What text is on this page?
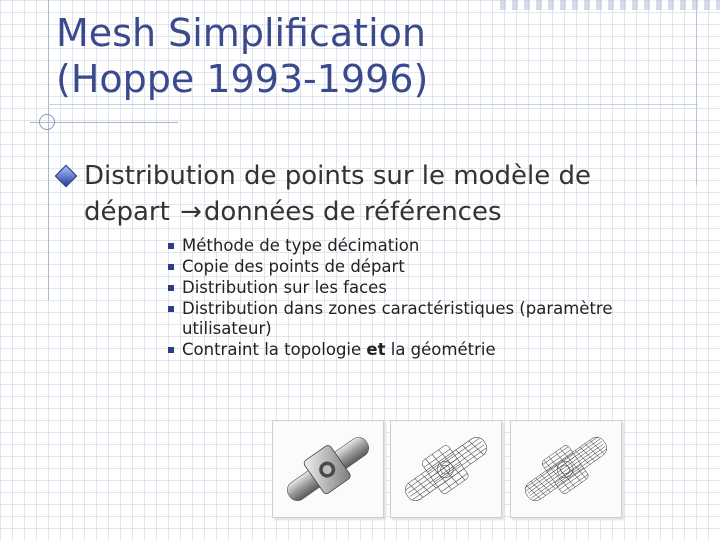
Mesh Simplification
(Hoppe 1993-1996)
Distribution de points sur le modèle de
départ →données de références
Méthode de type décimation
Copie des points de départ
Distribution sur les faces
Distribution dans zones caractéristiques (paramètre
utilisateur)
Contraint la topologie et la géométrie
